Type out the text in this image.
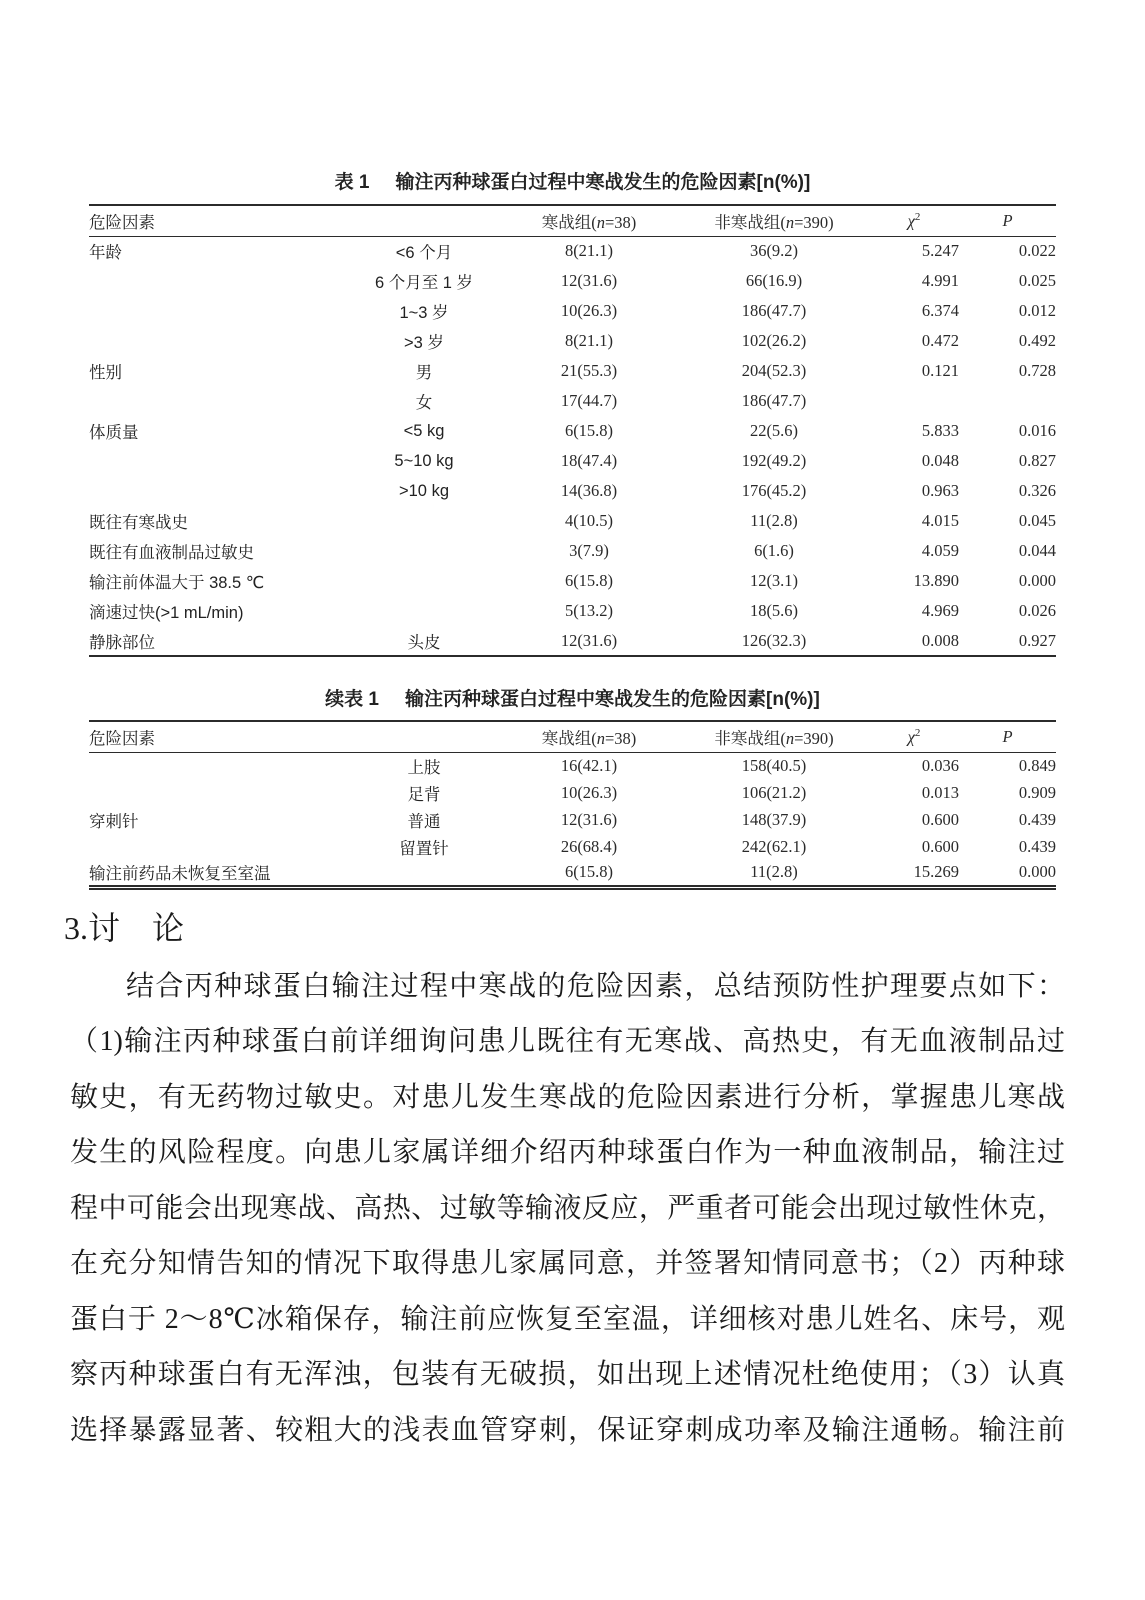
表 1 输注丙种球蛋白过程中寒战发生的危险因素[n(%)]
危险因素		寒战组(n=38)	非寒战组(n=390)	$\chi^2$	P
年龄	<6 个月	8(21.1)	36(9.2)	5.247	0.022
	6 个月至 1 岁	12(31.6)	66(16.9)	4.991	0.025
	1~3 岁	10(26.3)	186(47.7)	6.374	0.012
	>3 岁	8(21.1)	102(26.2)	0.472	0.492
性别	男	21(55.3)	204(52.3)	0.121	0.728
	女	17(44.7)	186(47.7)		
体质量	<5 kg	6(15.8)	22(5.6)	5.833	0.016
	5~10 kg	18(47.4)	192(49.2)	0.048	0.827
	>10 kg	14(36.8)	176(45.2)	0.963	0.326
既往有寒战史		4(10.5)	11(2.8)	4.015	0.045
既往有血液制品过敏史		3(7.9)	6(1.6)	4.059	0.044
输注前体温大于 38.5 ℃		6(15.8)	12(3.1)	13.890	0.000
滴速过快(>1 mL/min)		5(13.2)	18(5.6)	4.969	0.026
静脉部位	头皮	12(31.6)	126(32.3)	0.008	0.927
续表 1 输注丙种球蛋白过程中寒战发生的危险因素[n(%)]
危险因素		寒战组(n=38)	非寒战组(n=390)	$\chi^2$	P
	上肢	16(42.1)	158(40.5)	0.036	0.849
	足背	10(26.3)	106(21.2)	0.013	0.909
穿刺针	普通	12(31.6)	148(37.9)	0.600	0.439
	留置针	26(68.4)	242(62.1)	0.600	0.439
输注前药品未恢复至室温		6(15.8)	11(2.8)	15.269	0.000
3.讨　论
结合丙种球蛋白输注过程中寒战的危险因素，总结预防性护理要点如下：
（1)输注丙种球蛋白前详细询问患儿既往有无寒战、高热史，有无血液制品过
敏史，有无药物过敏史。对患儿发生寒战的危险因素进行分析，掌握患儿寒战
发生的风险程度。向患儿家属详细介绍丙种球蛋白作为一种血液制品，输注过
程中可能会出现寒战、高热、过敏等输液反应，严重者可能会出现过敏性休克，
在充分知情告知的情况下取得患儿家属同意，并签署知情同意书；（2）丙种球
蛋白于 2～8℃冰箱保存，输注前应恢复至室温，详细核对患儿姓名、床号，观
察丙种球蛋白有无浑浊，包装有无破损，如出现上述情况杜绝使用；（3）认真
选择暴露显著、较粗大的浅表血管穿刺，保证穿刺成功率及输注通畅。输注前
